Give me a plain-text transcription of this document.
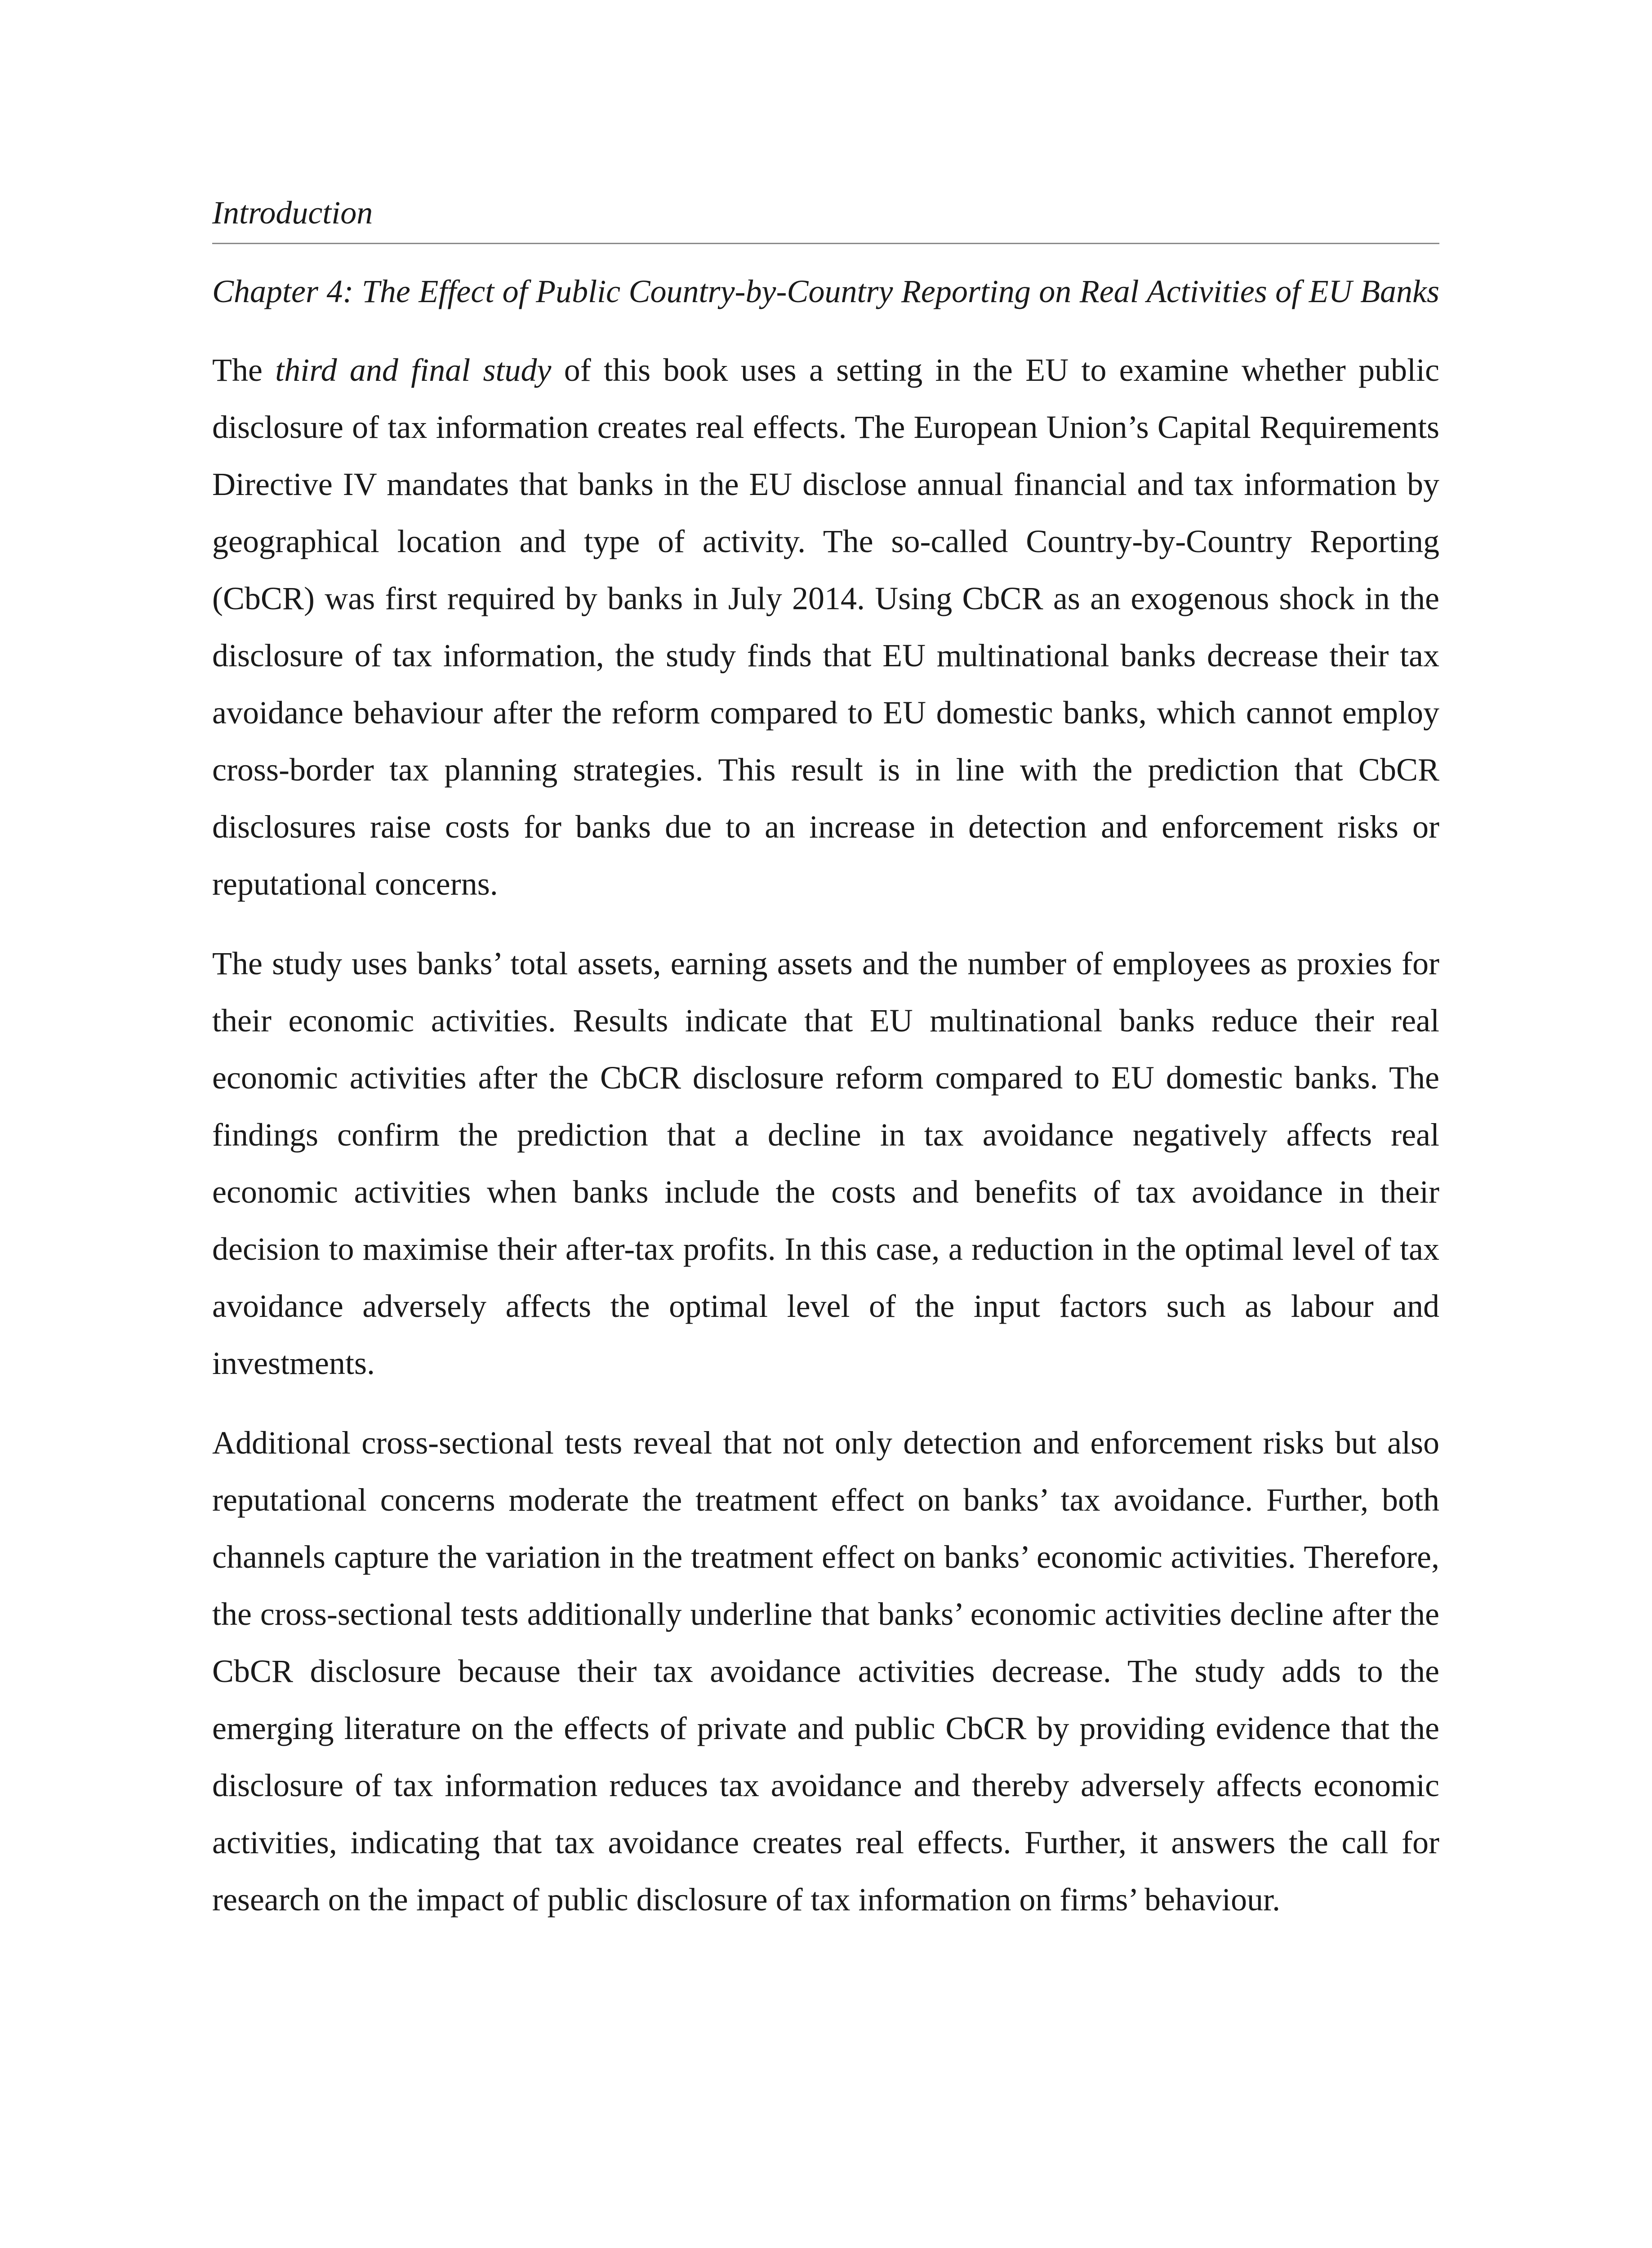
Introduction
Chapter 4: The Effect of Public Country-by-Country Reporting on Real Activities of EU Banks

The third and final study of this book uses a setting in the EU to examine whether public disclosure of tax information creates real effects. The European Union’s Capital Requirements Directive IV mandates that banks in the EU disclose annual financial and tax information by geographical location and type of activity. The so-called Country-by-Country Reporting (CbCR) was first required by banks in July 2014. Using CbCR as an exogenous shock in the disclosure of tax information, the study finds that EU multinational banks decrease their tax avoidance behaviour after the reform compared to EU domestic banks, which cannot employ cross-border tax planning strategies. This result is in line with the prediction that CbCR disclosures raise costs for banks due to an increase in detection and enforcement risks or reputational concerns.

The study uses banks’ total assets, earning assets and the number of employees as proxies for their economic activities. Results indicate that EU multinational banks reduce their real economic activities after the CbCR disclosure reform compared to EU domestic banks. The findings confirm the prediction that a decline in tax avoidance negatively affects real economic activities when banks include the costs and benefits of tax avoidance in their decision to maximise their after-tax profits. In this case, a reduction in the optimal level of tax avoidance adversely affects the optimal level of the input factors such as labour and investments.

Additional cross-sectional tests reveal that not only detection and enforcement risks but also reputational concerns moderate the treatment effect on banks’ tax avoidance. Further, both channels capture the variation in the treatment effect on banks’ economic activities. Therefore, the cross-sectional tests additionally underline that banks’ economic activities decline after the CbCR disclosure because their tax avoidance activities decrease. The study adds to the emerging literature on the effects of private and public CbCR by providing evidence that the disclosure of tax information reduces tax avoidance and thereby adversely affects economic activities, indicating that tax avoidance creates real effects. Further, it answers the call for research on the impact of public disclosure of tax information on firms’ behaviour.
